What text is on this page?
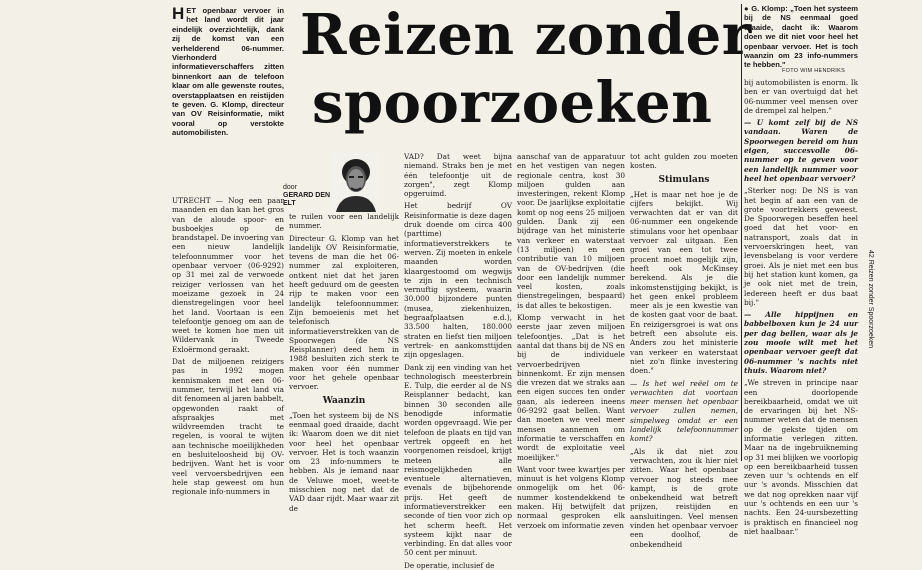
HET openbaar vervoer in het land wordt dit jaar eindelijk overzichtelijk, dank zij de komst van een verhelderend 06-nummer. Vierhonderd informatieverschaffers zitten binnenkort aan de telefoon klaar om alle gewenste routes, overstapplaatsen en reistijden te geven. G. Klomp, directeur van OV Reisinformatie, mikt vooral op verstokte automobilisten.
Reizen zonder
spoorzoeken
door
GERARD DEN ELT

UTRECHT — Nog een paar maanden en dan kan het gros van de aloude spoor- en busboekjes op de brandstapel. De invoering van een nieuw landelijk telefoonnummer voor het openbaar vervoer (06-9292) op 31 mei zal de verwoede reiziger verlossen van het moeizame gezoek in 24 dienstregelingen voor heel het land. Voortaan is een telefoontje genoeg om aan de weet te komen hoe men uit Wildervank in Tweede Exloërmond geraakt.

Dat de miljoenen reizigers pas in 1992 mogen kennismaken met een 06-nummer, terwijl het land via dit fenomeen al jaren babbelt, opgewonden raakt of afspraakjes met wildvreemden tracht te regelen, is vooral te wijten aan technische moeilijkheden en besluiteloosheid bij OV-bedrijven. Want het is voor veel vervoersbedrijven een hele stap geweest om hun regionale info-nummers in

te ruilen voor een landelijk nummer.

Directeur G. Klomp van het landelijk OV Reisinformatie, tevens de man die het 06-nummer zal exploiteren, ontkent niet dat het jaren heeft geduurd om de geesten rijp te maken voor een landelijk telefoonnummer. Zijn bemoeienis met het telefonisch informatieverstrekken van de Spoorwegen (de NS Reisplanner) deed hem in 1988 besluiten zich sterk te maken voor één nummer voor het gehele openbaar vervoer.

Waanzin

„Toen het systeem bij de NS eenmaal goed draaide, dacht ik: Waarom doen we dit niet voor heel het openbaar vervoer. Het is toch waanzin om 23 info-nummers te hebben. Als je iemand naar de Veluwe moet, weet-te misschien nog net dat de VAD daar rijdt. Maar waar zit de

VAD? Dat weet bijna niemand. Straks ben je met één telefoontje uit de zorgen", zegt Klomp opgeruimd.

Het bedrijf OV Reisinformatie is deze dagen druk doende om circa 400 (parttime) informatieverstrekkers te werven. Zij moeten in enkele maanden worden klaargestoomd om wegwijs te zijn in een technisch vernuftig systeem, waarin 30.000 bijzondere punten (musea, ziekenhuizen, begraafplaatsen e.d.), 33.500 halten, 180.000 straten en liefst tien miljoen vertrek- en aankomsttijden zijn opgeslagen.

Dank zij een vinding van het technologisch meesterbrein E. Tulp, die eerder al de NS Reisplanner bedacht, kan binnen 30 seconden alle benodigde informatie worden opgevraagd. Wie per telefoon de plaats en tijd van vertrek opgeeft en het voorgenomen reisdoel, krijgt meteen alle reismogelijkheden en eventuele alternatieven, evenals de bijbehorende prijs. Het geeft de informatieverstrekker een seconde of tien voor zich op het scherm heeft. Het systeem kijkt naar de verbinding. En dat alles voor 50 cent per minuut.

De operatie, inclusief de

aanschaf van de apparatuur en het vestigen van negen regionale centra, kost 30 miljoen gulden aan investeringen, rekent Klomp voor. De jaarlijkse exploitatie komt op nog eens 25 miljoen gulden. Dank zij een bijdrage van het ministerie van verkeer en waterstaat (13 miljoen) en een contributie van 10 miljoen van de OV-bedrijven (die door een landelijk nummer veel kosten, zoals dienstregelingen, bespaard) is dat alles te bekostigen.

Klomp verwacht in het eerste jaar zeven miljoen telefoontjes. „Dat is het aantal dat thans bij de NS en bij de individuele vervoerbedrijven binnenkomt. Er zijn mensen die vrezen dat we straks aan een eigen succes ten onder gaan, als iedereen ineens 06-9292 gaat bellen. Want dan moeten we veel meer mensen aannemen om informatie te verschaffen en wordt de exploitatie veel moeilijker."

Want voor twee kwartjes per minuut is het volgens Klomp onmogelijk om het 06-nummer kostendekkend te maken. Hij betwijfelt dat normaal gesproken elk verzoek om informatie zeven

tot acht gulden zou moeten kosten.

Stimulans

„Het is maar net hoe je de cijfers bekijkt. Wij verwachten dat er van dit 06-nummer een ongekende stimulans voor het openbaar vervoer zal uitgaan. Een groei van een tot twee procent moet mogelijk zijn, heeft ook McKinsey berekend. Als je die inkomstenstijging bekijkt, is het geen enkel probleem meer als je een kwestie van de kosten gaat voor de baat. En reizigersgroei is wat ons betreft een absolute eis. Anders zou het ministerie van verkeer en waterstaat niet zo'n flinke investering doen."

— Is het wel reëel om te verwachten dat voortaan meer mensen het openbaar vervoer zullen nemen, simpelweg omdat er een landelijk telefoonnummer komt?

„Als ik dat niet zou verwachten, zou ik hier niet zitten. Waar het openbaar vervoer nog steeds mee kampt, is de grote onbekendheid wat betreft prijzen, reistijden en aansluitingen. Veel mensen vinden het openbaar vervoer een doolhof, de onbekendheid

● G. Klomp: „Toen het systeem bij de NS eenmaal goed draaide, dacht ik: Waarom doen we dit niet voor heel het openbaar vervoer. Het is toch waanzin om 23 info-nummers te hebben."
FOTO WIM HENDRIKS

bij automobilisten is enorm. Ik ben er van overtuigd dat het 06-nummer veel mensen over de drempel zal helpen."

— U komt zelf bij de NS vandaan. Waren de Spoorwegen bereid om hun eigen, succesvolle 06-nummer op te geven voor een landelijk nummer voor heel het openbaar vervoer?

„Sterker nog: De NS is van het begin af aan een van de grote voortrekkers geweest. De Spoorwegen beseffen heel goed dat het voor- en natransport, zoals dat in vervoerskringen heet, van levensbelang is voor verdere groei. Als je niet met een bus bij het station kunt komen, ga je ook niet met de trein, ledereen heeft er dus baat bij."

— Alle hippijnen en babbelboxen kun je 24 uur per dag bellen, waar als je zou mooie wilt met het openbaar vervoer geeft dat 06-nummer 's nachts niet thuis. Waarom niet?

„We streven in principe naar een doorlopende bereikbaarheid, omdat we uit de ervaringen bij het NS-nummer weten dat de mensen op de gekste tijden om informatie verlegen zitten. Maar na de ingebruikneming op 31 mei blijken we voorlopig op een bereikbaarheid tussen zeven uur 's ochtends en elf uur 's avonds. Misschien dat we dat nog oprekken naar vijf uur 's ochtends en een uur 's nachts. Een 24-uursbezetting is praktisch en financieel nog niet haalbaar."

42 Reizen zonder Spoorzoeken
